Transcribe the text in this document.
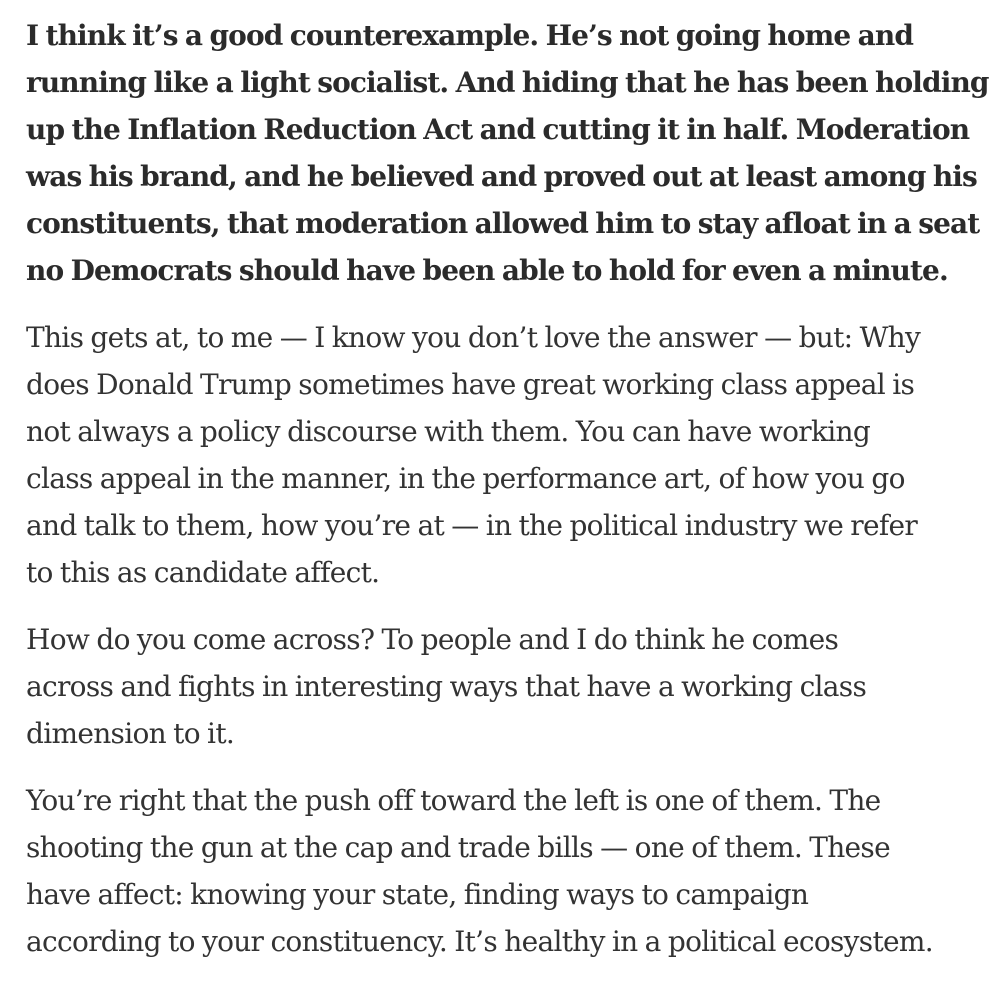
I think it’s a good counterexample. He’s not going home and
running like a light socialist. And hiding that he has been holding
up the Inflation Reduction Act and cutting it in half. Moderation
was his brand, and he believed and proved out at least among his
constituents, that moderation allowed him to stay afloat in a seat
no Democrats should have been able to hold for even a minute.

This gets at, to me — I know you don’t love the answer — but: Why
does Donald Trump sometimes have great working class appeal is
not always a policy discourse with them. You can have working
class appeal in the manner, in the performance art, of how you go
and talk to them, how you’re at — in the political industry we refer
to this as candidate affect.

How do you come across? To people and I do think he comes
across and fights in interesting ways that have a working class
dimension to it.

You’re right that the push off toward the left is one of them. The
shooting the gun at the cap and trade bills — one of them. These
have affect: knowing your state, finding ways to campaign
according to your constituency. It’s healthy in a political ecosystem.
